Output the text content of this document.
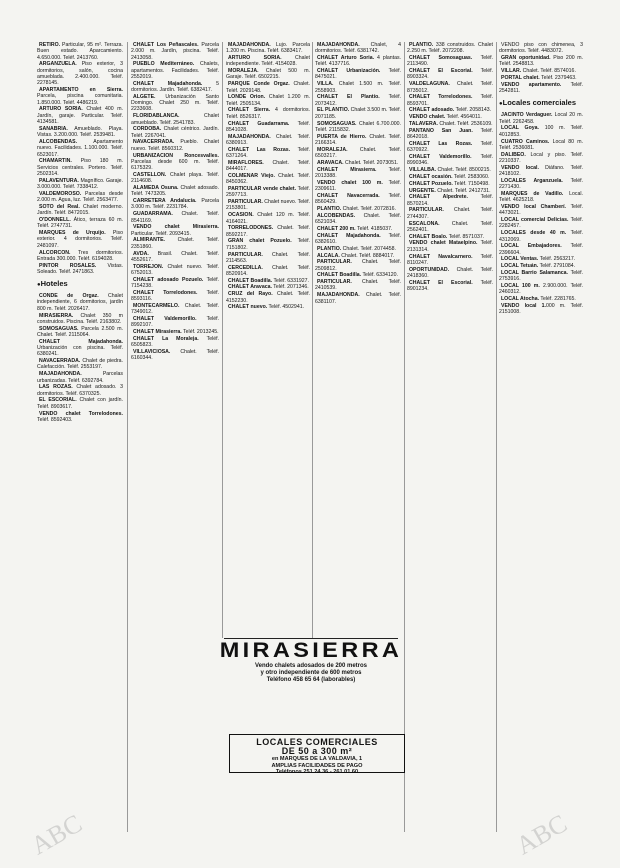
RETIRO. Particular, 95 m². Terraza. Buen estado. Aparcamiento. 4.650.000. Teléf. 2413760.

ARGANZUELA. Piso exterior, 3 dormitorios, salón, cocina amueblada. 2.400.000. Teléf. 2278145.

APARTAMENTO en Sierra. Parcela, piscina comunitaria. 1.850.000. Teléf. 4486219.

ARTURO SORIA. Chalet 400 m. Jardín, garaje. Particular. Teléf. 4134581.

SANABRIA. Amueblado. Playa. Vistas. 3.200.000. Teléf. 2539481.

ALCOBENDAS. Apartamento nuevo. Facilidades. 1.100.000. Teléf. 6523017.

CHAMARTIN. Piso 180 m. Servicios centrales. Portero. Teléf. 2502314.

PALAVENTURA. Magnífico. Garaje. 3.000.000. Teléf. 7338412.

VALDEMOROSO. Parcelas desde 2.000 m. Agua, luz. Teléf. 2563477.

SOTO del Real. Chalet moderno. Jardín. Teléf. 8472015.

O'DONNELL. Ático, terraza 60 m. Teléf. 2747731.

MARQUES de Urquijo. Piso exterior. 4 dormitorios. Teléf. 2481097.

ALCORCON. Tres dormitorios. Entrada 300.000. Teléf. 6194028.

PINTOR ROSALES. Vistas. Soleado. Teléf. 2471863.

● Hoteles

CONDE de Orgaz. Chalet independiente, 6 dormitorios, jardín 800 m. Teléf. 2026417.

MIRASIERRA. Chalet 350 m construidos. Piscina. Teléf. 2163802.

SOMOSAGUAS. Parcela 2.500 m. Chalet. Teléf. 2115064.

CHALET Majadahonda. Urbanización con piscina. Teléf. 6380241.

NAVACERRADA. Chalet de piedra. Calefacción. Teléf. 2553197.

MAJADAHONDA. Parcelas urbanizadas. Teléf. 6392784.

LAS ROZAS. Chalet adosado. 3 dormitorios. Teléf. 6370325.

EL ESCORIAL. Chalet con jardín. Teléf. 8903617.

VENDO chalet Torrelodones. Teléf. 8592403.

CHALET Los Peñascales. Parcela 2.000 m. Jardín, piscina. Teléf. 2413058.

PUEBLO Mediterráneo. Chalets, apartamentos. Facilidades. Teléf. 2552019.

CHALET Majadahonda. 5 dormitorios. Jardín. Teléf. 6382417.

ALGETE. Urbanización Santo Domingo. Chalet 250 m. Teléf. 2233608.

FLORIDABLANCA. Chalet amueblado. Teléf. 2541783.

CORDOBA. Chalet céntrico. Jardín. Teléf. 2267041.

NAVACERRADA. Pueblo. Chalet nuevo. Teléf. 8560312.

URBANIZACION Roncesvalles. Parcelas desde 600 m. Teléf. 6175329.

CASTELLON. Chalet playa. Teléf. 2114608.

ALAMEDA Osuna. Chalet adosado. Teléf. 7473205.

CARRETERA Andalucía. Parcela 3.000 m. Teléf. 2231784.

GUADARRAMA. Chalet. Teléf. 8541169.

VENDO chalet Mirasierra. Particular. Teléf. 2093415.

ALMIRANTE. Chalet. Teléf. 2351860.

AVDA. Brasil. Chalet. Teléf. 4552617.

TORREJON. Chalet nuevo. Teléf. 6752013.

CHALET adosado Pozuelo. Teléf. 7154238.

CHALET Torrelodones. Teléf. 8593116.

MONTECARMELO. Chalet. Teléf. 7349012.

CHALET Valdemorillo. Teléf. 8992107.

CHALET Mirasierra. Teléf. 2013245.

CHALET La Moraleja. Teléf. 6505823.

VILLAVICIOSA. Chalet. Teléf. 6160344.

MAJADAHONDA. Lujo. Parcela 1.200 m. Piscina. Teléf. 6383417.

ARTURO SORIA. Chalet independiente. Teléf. 4154028.

MORALEJA. Chalet 500 m. Garaje. Teléf. 6502215.

PARQUE Conde Orgaz. Chalet. Teléf. 2029148.

LONDE Orion. Chalet 1.200 m. Teléf. 2505134.

CHALET Sierra. 4 dormitorios. Teléf. 8526317.

CHALET Guadarrama. Teléf. 8541028.

MAJADAHONDA. Chalet. Teléf. 6380913.

CHALET Las Rozas. Teléf. 6371264.

MIRAFLORES. Chalet. Teléf. 8444017.

COLMENAR Viejo. Chalet. Teléf. 8450362.

PARTICULAR vende chalet. Teléf. 2597713.

PARTICULAR. Chalet nuevo. Teléf. 2153801.

OCASION. Chalet 120 m. Teléf. 4164021.

TORRELODONES. Chalet. Teléf. 8592217.

GRAN chalet Pozuelo. Teléf. 7151802.

PARTICULAR. Chalet. Teléf. 2114563.

CERCEDILLA. Chalet. Teléf. 8520914.

CHALET Boadilla. Teléf. 6331927.

CHALET Aravaca. Teléf. 2071346.

CRUZ del Rayo. Chalet. Teléf. 4152230.

CHALET nuevo. Teléf. 4502941.

MAJADAHONDA. Chalet, 4 dormitorios. Teléf. 6381742.

CHALET Arturo Soria. 4 plantas. Teléf. 4137716.

CHALET Urbanización. Teléf. 8475021.

VILLA. Chalet 1.500 m. Teléf. 2558903.

CHALET El Plantío. Teléf. 2073412.

EL PLANTIO. Chalet 3.500 m. Teléf. 2071185.

SOMOSAGUAS. Chalet 6.700.000. Teléf. 2115832.

PUERTA de Hierro. Chalet. Teléf. 2166314.

MORALEJA. Chalet. Teléf. 6503217.

ARAVACA. Chalet. Teléf. 2073051.

CHALET Mirasierra. Teléf. 2013388.

VENDO chalet 100 m. Teléf. 2309611.

CHALET Navacerrada. Teléf. 8560429.

PLANTIO. Chalet. Teléf. 2072816.

ALCOBENDAS. Chalet. Teléf. 6521034.

CHALET 200 m. Teléf. 4185037.

CHALET Majadahonda. Teléf. 6382610.

PLANTIO. Chalet. Teléf. 2074458.

ALCALA. Chalet. Teléf. 8884017.

PARTICULAR. Chalet. Teléf. 2509812.

CHALET Boadilla. Teléf. 6334120.

PARTICULAR. Chalet. Teléf. 2410539.

MAJADAHONDA. Chalet. Teléf. 6381107.

PLANTIO. 338 construidos. Chalet 2.250 m. Teléf. 2072208.

CHALET Somosaguas. Teléf. 2113490.

CHALET El Escorial. Teléf. 8903324.

VALDELAGUNA. Chalet. Teléf. 8735012.

CHALET Torrelodones. Teléf. 8593701.

CHALET adosado. Teléf. 2058143.

VENDO chalet. Teléf. 4564011.

TALAVERA. Chalet. Teléf. 2536109.

PANTANO San Juan. Teléf. 8642018.

CHALET Las Rozas. Teléf. 6370922.

CHALET Valdemorillo. Teléf. 8990346.

VILLALBA. Chalet. Teléf. 8500215.

CHALET ocasión. Teléf. 2583060.

CHALET Pozuelo. Teléf. 7150498.

URGENTE. Chalet. Teléf. 2412731.

CHALET Alpedrete. Teléf. 8570214.

PARTICULAR. Chalet. Teléf. 2744307.

ESCALONA. Chalet. Teléf. 2562401.

CHALET Boalo. Teléf. 8571037.

VENDO chalet Mataelpino. Teléf. 2131314.

CHALET Navalcarnero. Teléf. 8110247.

OPORTUNIDAD. Chalet. Teléf. 2418360.

CHALET El Escorial. Teléf. 8901234.

VENDO piso con chimenea, 3 dormitorios. Teléf. 4483072.

GRAN oportunidad. Piso 200 m. Teléf. 2548813.

VILLAR. Chalet. Teléf. 8574016.

PORTAL chalet. Teléf. 2379463.

VENDO apartamento. Teléf. 2542811.

● Locales comerciales

JACINTO Verdaguer. Local 20 m. Teléf. 2262458.

LOCAL Goya. 100 m. Teléf. 4012853.

CUATRO Caminos. Local 80 m. Teléf. 2536081.

DALIBEO. Local y piso. Teléf. 2210337.

VENDO local. Diáfano. Teléf. 2418102.

LOCALES Arganzuela. Teléf. 2271430.

MARQUES de Vadillo. Local. Teléf. 4625218.

VENDO local Chamberí. Teléf. 4473021.

LOCAL comercial Delicias. Teléf. 2282457.

LOCALES desde 40 m. Teléf. 4312069.

LOCAL Embajadores. Teléf. 2396604.

LOCAL Ventas. Teléf. 2563217.

LOCAL Tetuán. Teléf. 2791084.

LOCAL Barrio Salamanca. Teléf. 2753916.

LOCAL 100 m. 2.900.000. Teléf. 2460312.

LOCAL Atocha. Teléf. 2281765.

VENDO local 1.000 m. Teléf. 2151008.

MIRASIERRA
Vendo chalets adosados de 200 metros
y otro independiente de 600 metros
Teléfono 458 65 64 (laborables)
LOCALES COMERCIALES
DE 50 a 300 m²
en MARQUES DE LA VALDAVIA, 1
AMPLIAS FACILIDADES DE PAGO
Teléfonos 251 24 36 - 261 01 60
ABC	ABC
